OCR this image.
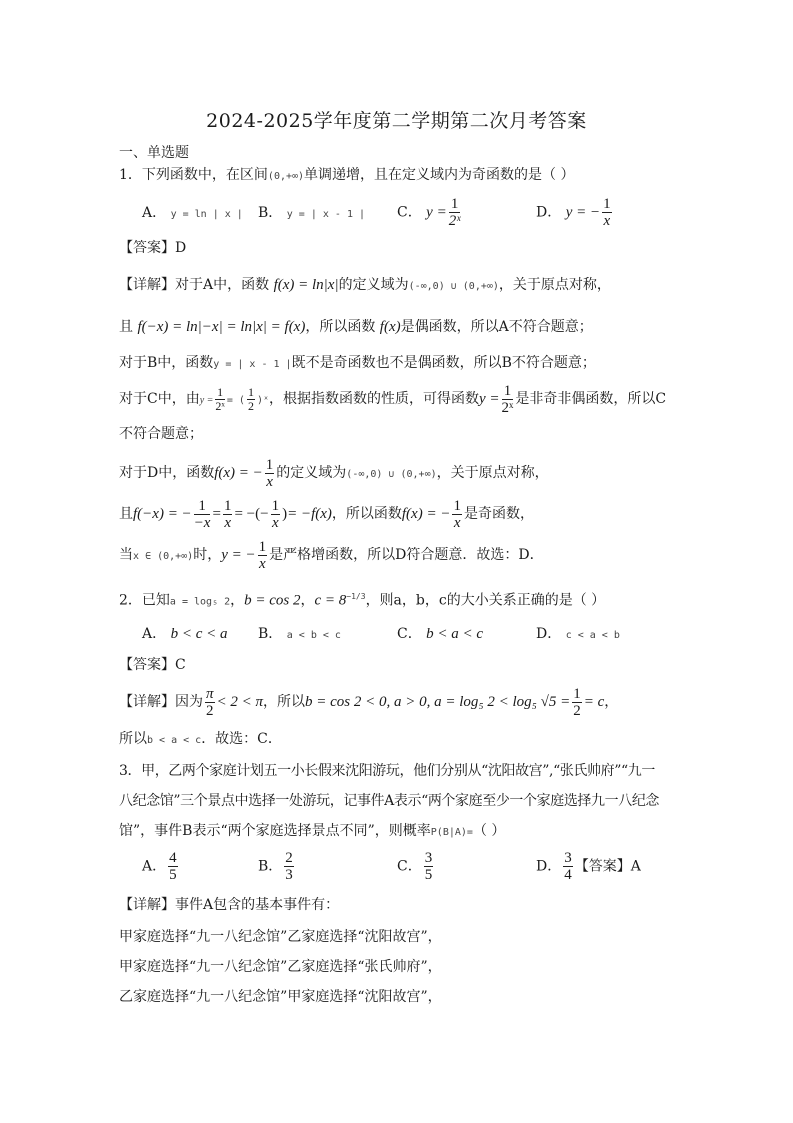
2024-2025学年度第二学期第二次月考答案
一、单选题
1．下列函数中，在区间(0,+∞)单调递增，且在定义域内为奇函数的是（ ）
A． y = ln | x | B． y = | x - 1 | C． $y = \frac{1}{\text{2ˣ}}$	D． y = − $\frac{1}{x}$
【答案】D
【详解】对于A中，函数 f(x) = ln|x|的定义域为(-∞,0) ∪ (0,+∞)，关于原点对称，
且 f(−x) = ln|−x| = ln|x| = f(x)，所以函数 f(x)是偶函数，所以A不符合题意；
对于B中，函数y = | x - 1 |既不是奇函数也不是偶函数，所以B不符合题意；
对于C中，由$y = \frac{1}{\text{2ˣ}}$ = ( $\frac{1}{2}$ )ˣ，根据指数函数的性质，可得函数$y = \frac{1}{\text{2ˣ}}$ 是非奇非偶函数，所以C
不符合题意；
对于D中，函数f(x) = − $\frac{1}{x}$ 的定义域为(-∞,0) ∪ (0,+∞)，关于原点对称，
且f(−x) = − $\frac{1}{-x} = \frac{1}{x}$ = −(− $\frac{1}{x}$ )= −f(x)，所以函数f(x) = − $\frac{1}{x}$ 是奇函数，
当x ∈ (0,+∞)时，y = − $\frac{1}{x}$ 是严格增函数，所以D符合题意．故选：D．
2．已知a = log₅ 2，b = cos 2，$c = 8^{-1/3}$，则a，b，c的大小关系正确的是（ ）
A． b < c < a B． a < b < c	C． b < a < c	D． c < a < b
【答案】C
【详解】因为 $\frac{\pi}{2} < 2 < \pi$，所以b = cos 2 < 0, a > 0, a = log₅ 2 < log₅ $√5 = \frac{1}{2} = c$，
所以b < a < c．故选：C．
3．甲，乙两个家庭计划五一小长假来沈阳游玩，他们分别从“沈阳故宫”,“张氏帅府”“九一
八纪念馆”三个景点中选择一处游玩，记事件A表示“两个家庭至少一个家庭选择九一八纪念
馆”，事件B表示“两个家庭选择景点不同”，则概率P(B∣A)=（ ）
A． $\frac{4}{5}$	B． $\frac{2}{3}$	C． $\frac{3}{5}$	D． $\frac{3}{4}$ 【答案】A
【详解】事件A包含的基本事件有：
甲家庭选择“九一八纪念馆”乙家庭选择“沈阳故宫”，
甲家庭选择“九一八纪念馆”乙家庭选择“张氏帅府”，
乙家庭选择“九一八纪念馆”甲家庭选择“沈阳故宫”，
